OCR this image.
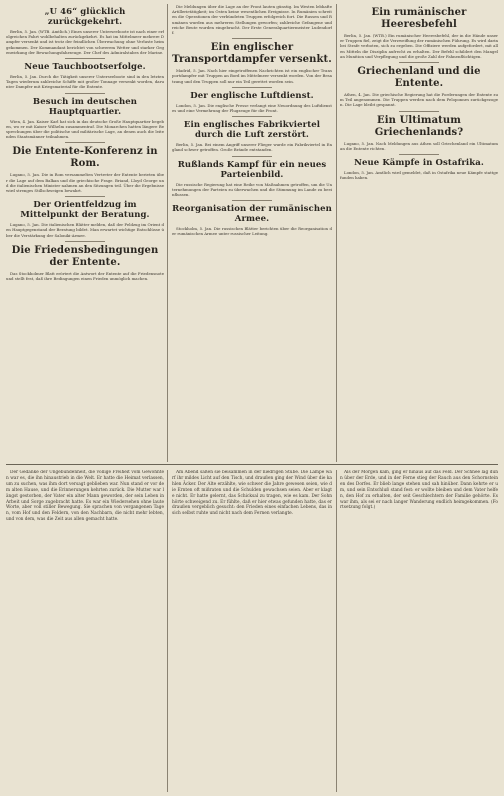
„U 46“ glücklich zurückgekehrt.

Berlin, 5. Jan. (WTB. Amtlich.) Eines unserer Unterseeboote ist nach einer erfolgreichen Fahrt wohlbehalten zurückgekehrt. Es hat im Mittelmeer mehrere Dampfer versenkt und ist trotz der feindlichen Überwachung ohne Verluste heimgekommen. Der Kommandant berichtet von schwerem Wetter und starker Gegenwirkung der Bewachungsfahrzeuge. Der Chef des Admiralstabes der Marine.

Neue Tauchbootserfolge.

Berlin, 5. Jan. Durch die Tätigkeit unserer Unterseeboote sind in den letzten Tagen wiederum zahlreiche Schiffe mit großer Tonnage versenkt worden, darunter Dampfer mit Kriegsmaterial für die Entente.

Besuch im deutschen Hauptquartier.

Wien, 4. Jan. Kaiser Karl hat sich in das deutsche Große Hauptquartier begeben, wo er mit Kaiser Wilhelm zusammentraf. Die Monarchen hatten längere Besprechungen über die politische und militärische Lage, an denen auch die leitenden Staatsmänner teilnahmen.

Die Entente-Konferenz in Rom.

Lugano, 5. Jan. Die in Rom versammelten Vertreter der Entente berieten über die Lage auf dem Balkan und die griechische Frage. Briand, Lloyd George und die italienischen Minister nahmen an den Sitzungen teil. Über die Ergebnisse wird strenges Stillschweigen bewahrt.

Der Orientfeldzug im Mittelpunkt der Beratung.

Lugano, 5. Jan. Die italienischen Blätter melden, daß der Feldzug im Orient den Hauptgegenstand der Beratung bildet. Man erwartet wichtige Entschlüsse über die Verstärkung der Saloniki-Armee.

Die Friedensbedingungen der Entente.

Das Stockholmer Blatt erörtert die Antwort der Entente auf die Friedensnote und stellt fest, daß ihre Bedingungen einen Frieden unmöglich machen.

Die Meldungen über die Lage an der Front lauten günstig. Im Westen lebhafte Artillerietätigkeit; im Osten keine wesentlichen Ereignisse. In Rumänien schreiten die Operationen der verbündeten Truppen erfolgreich fort. Die Russen und Rumänen wurden aus mehreren Stellungen geworfen; zahlreiche Gefangene und reiche Beute wurden eingebracht. Der Erste Generalquartiermeister Ludendorff.

Ein englischer Transportdampfer versenkt.

Madrid, 5. Jan. Nach hier eingetroffenen Nachrichten ist ein englischer Transportdampfer mit Truppen an Bord im Mittelmeer versenkt worden. Von der Besatzung und den Truppen soll nur ein Teil gerettet worden sein.

Der englische Luftdienst.

London, 5. Jan. Die englische Presse verlangt eine Neuordnung des Luftdienstes und eine Vermehrung der Flugzeuge für die Front.

Ein englisches Fabrikviertel durch die Luft zerstört.

Berlin, 5. Jan. Bei einem Angriff unserer Flieger wurde ein Fabrikviertel in England schwer getroffen. Große Brände entstanden.

Rußlands Kampf für ein neues Parteienbild.

Die russische Regierung hat eine Reihe von Maßnahmen getroffen, um die Unternehmungen der Parteien zu überwachen und die Stimmung im Lande zu beeinflussen.

Reorganisation der rumänischen Armee.

Stockholm, 5. Jan. Die russischen Blätter berichten über die Reorganisation der rumänischen Armee unter russischer Leitung.

Ein rumänischer Heeresbefehl

Berlin, 5. Jan. (WTB.) Ein rumänischer Heeresbefehl, der in die Hände unserer Truppen fiel, zeigt die Verzweiflung der rumänischen Führung. Es wird darin bei Strafe verboten, sich zu ergeben. Die Offiziere werden aufgefordert, mit allen Mitteln die Disziplin aufrecht zu erhalten. Der Befehl schildert den Mangel an Munition und Verpflegung und die große Zahl der Fahnenflüchtigen.

Griechenland und die Entente.

Athen, 4. Jan. Die griechische Regierung hat die Forderungen der Entente zum Teil angenommen. Die Truppen werden nach dem Peloponnes zurückgezogen. Die Lage bleibt gespannt.

Ein Ultimatum Griechenlands?

Lugano, 5. Jan. Nach Meldungen aus Athen soll Griechenland ein Ultimatum an die Entente richten.

Neue Kämpfe in Ostafrika.

London, 5. Jan. Amtlich wird gemeldet, daß in Ostafrika neue Kämpfe stattgefunden haben.

Der Gedanke der Ungebundenheit, die völlige Freiheit vom Gewohnten war es, die ihn hinaustrieb in die Welt. Er hatte die Heimat verlassen, um zu suchen, was ihm dort versagt geblieben war. Nun stand er vor dem alten Hause, und die Erinnerungen kehrten zurück. Die Mutter war längst gestorben, der Vater ein alter Mann geworden, der sein Leben in Arbeit und Sorge zugebracht hatte. Es war ein Wiedersehen ohne laute Worte, aber voll stiller Bewegung. Sie sprachen von vergangenen Tagen, vom Hof und den Feldern, von den Nachbarn, die nicht mehr lebten, und von dem, was die Zeit aus allen gemacht hatte.

Am Abend saßen sie beisammen in der niedrigen Stube. Die Lampe warf ihr mildes Licht auf den Tisch, und draußen ging der Wind über die kahlen Äcker. Der Alte erzählte, wie schwer die Jahre gewesen seien, wie die Ernten oft mißraten und die Schulden gewachsen seien. Aber er klagte nicht. Er hatte gelernt, das Schicksal zu tragen, wie es kam. Der Sohn hörte schweigend zu. Er fühlte, daß er hier etwas gefunden hatte, das er draußen vergeblich gesucht: den Frieden eines einfachen Lebens, das in sich selbst ruhte und nicht nach dem Fernen verlangte.

Als der Morgen kam, ging er hinaus auf das Feld. Der Schnee lag dünn über der Erde, und in der Ferne stieg der Rauch aus den Schornsteinen des Dorfes. Er blieb lange stehen und sah hinüber. Dann kehrte er um, und sein Entschluß stand fest: er wollte bleiben und dem Vater helfen, den Hof zu erhalten, der seit Geschlechtern der Familie gehörte. Es war ihm, als sei er nach langer Wanderung endlich heimgekommen. (Fortsetzung folgt.)
